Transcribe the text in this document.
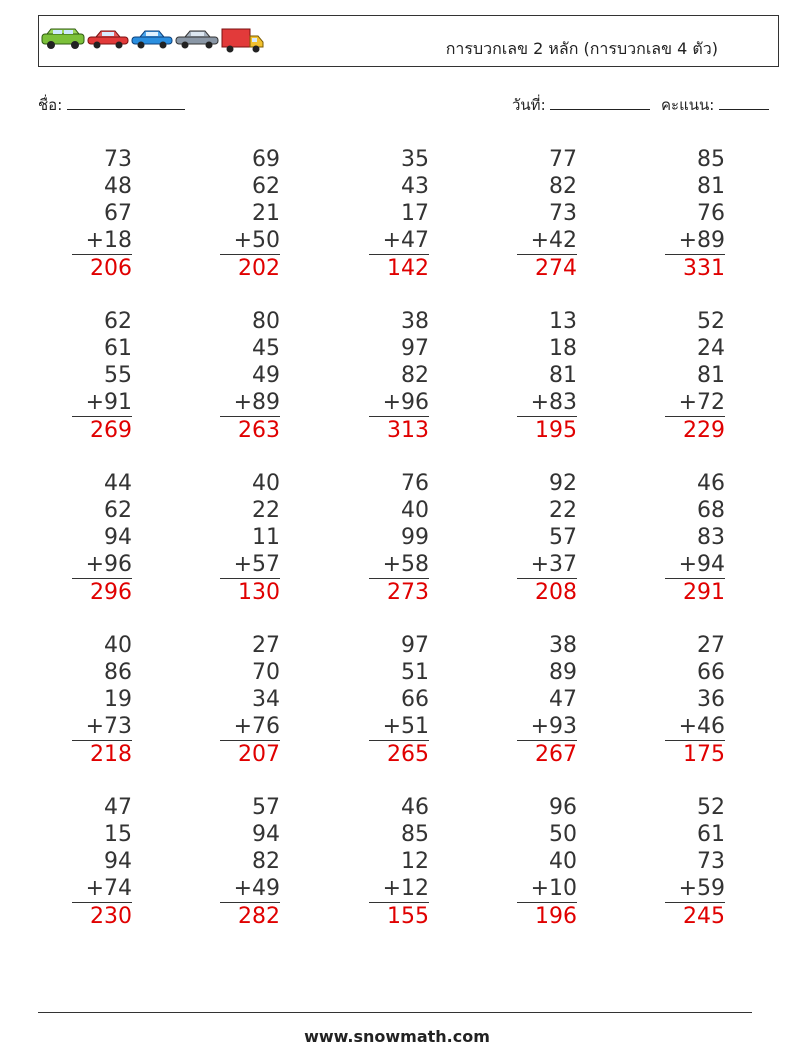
การบวกเลข 2 หลัก (การบวกเลข 4 ตัว)
ชื่อ:	วันที่:	คะแนน:
73
48
67
+18
206
69
62
21
+50
202
35
43
17
+47
142
77
82
73
+42
274
85
81
76
+89
331
62
61
55
+91
269
80
45
49
+89
263
38
97
82
+96
313
13
18
81
+83
195
52
24
81
+72
229
44
62
94
+96
296
40
22
11
+57
130
76
40
99
+58
273
92
22
57
+37
208
46
68
83
+94
291
40
86
19
+73
218
27
70
34
+76
207
97
51
66
+51
265
38
89
47
+93
267
27
66
36
+46
175
47
15
94
+74
230
57
94
82
+49
282
46
85
12
+12
155
96
50
40
+10
196
52
61
73
+59
245
www.snowmath.com
